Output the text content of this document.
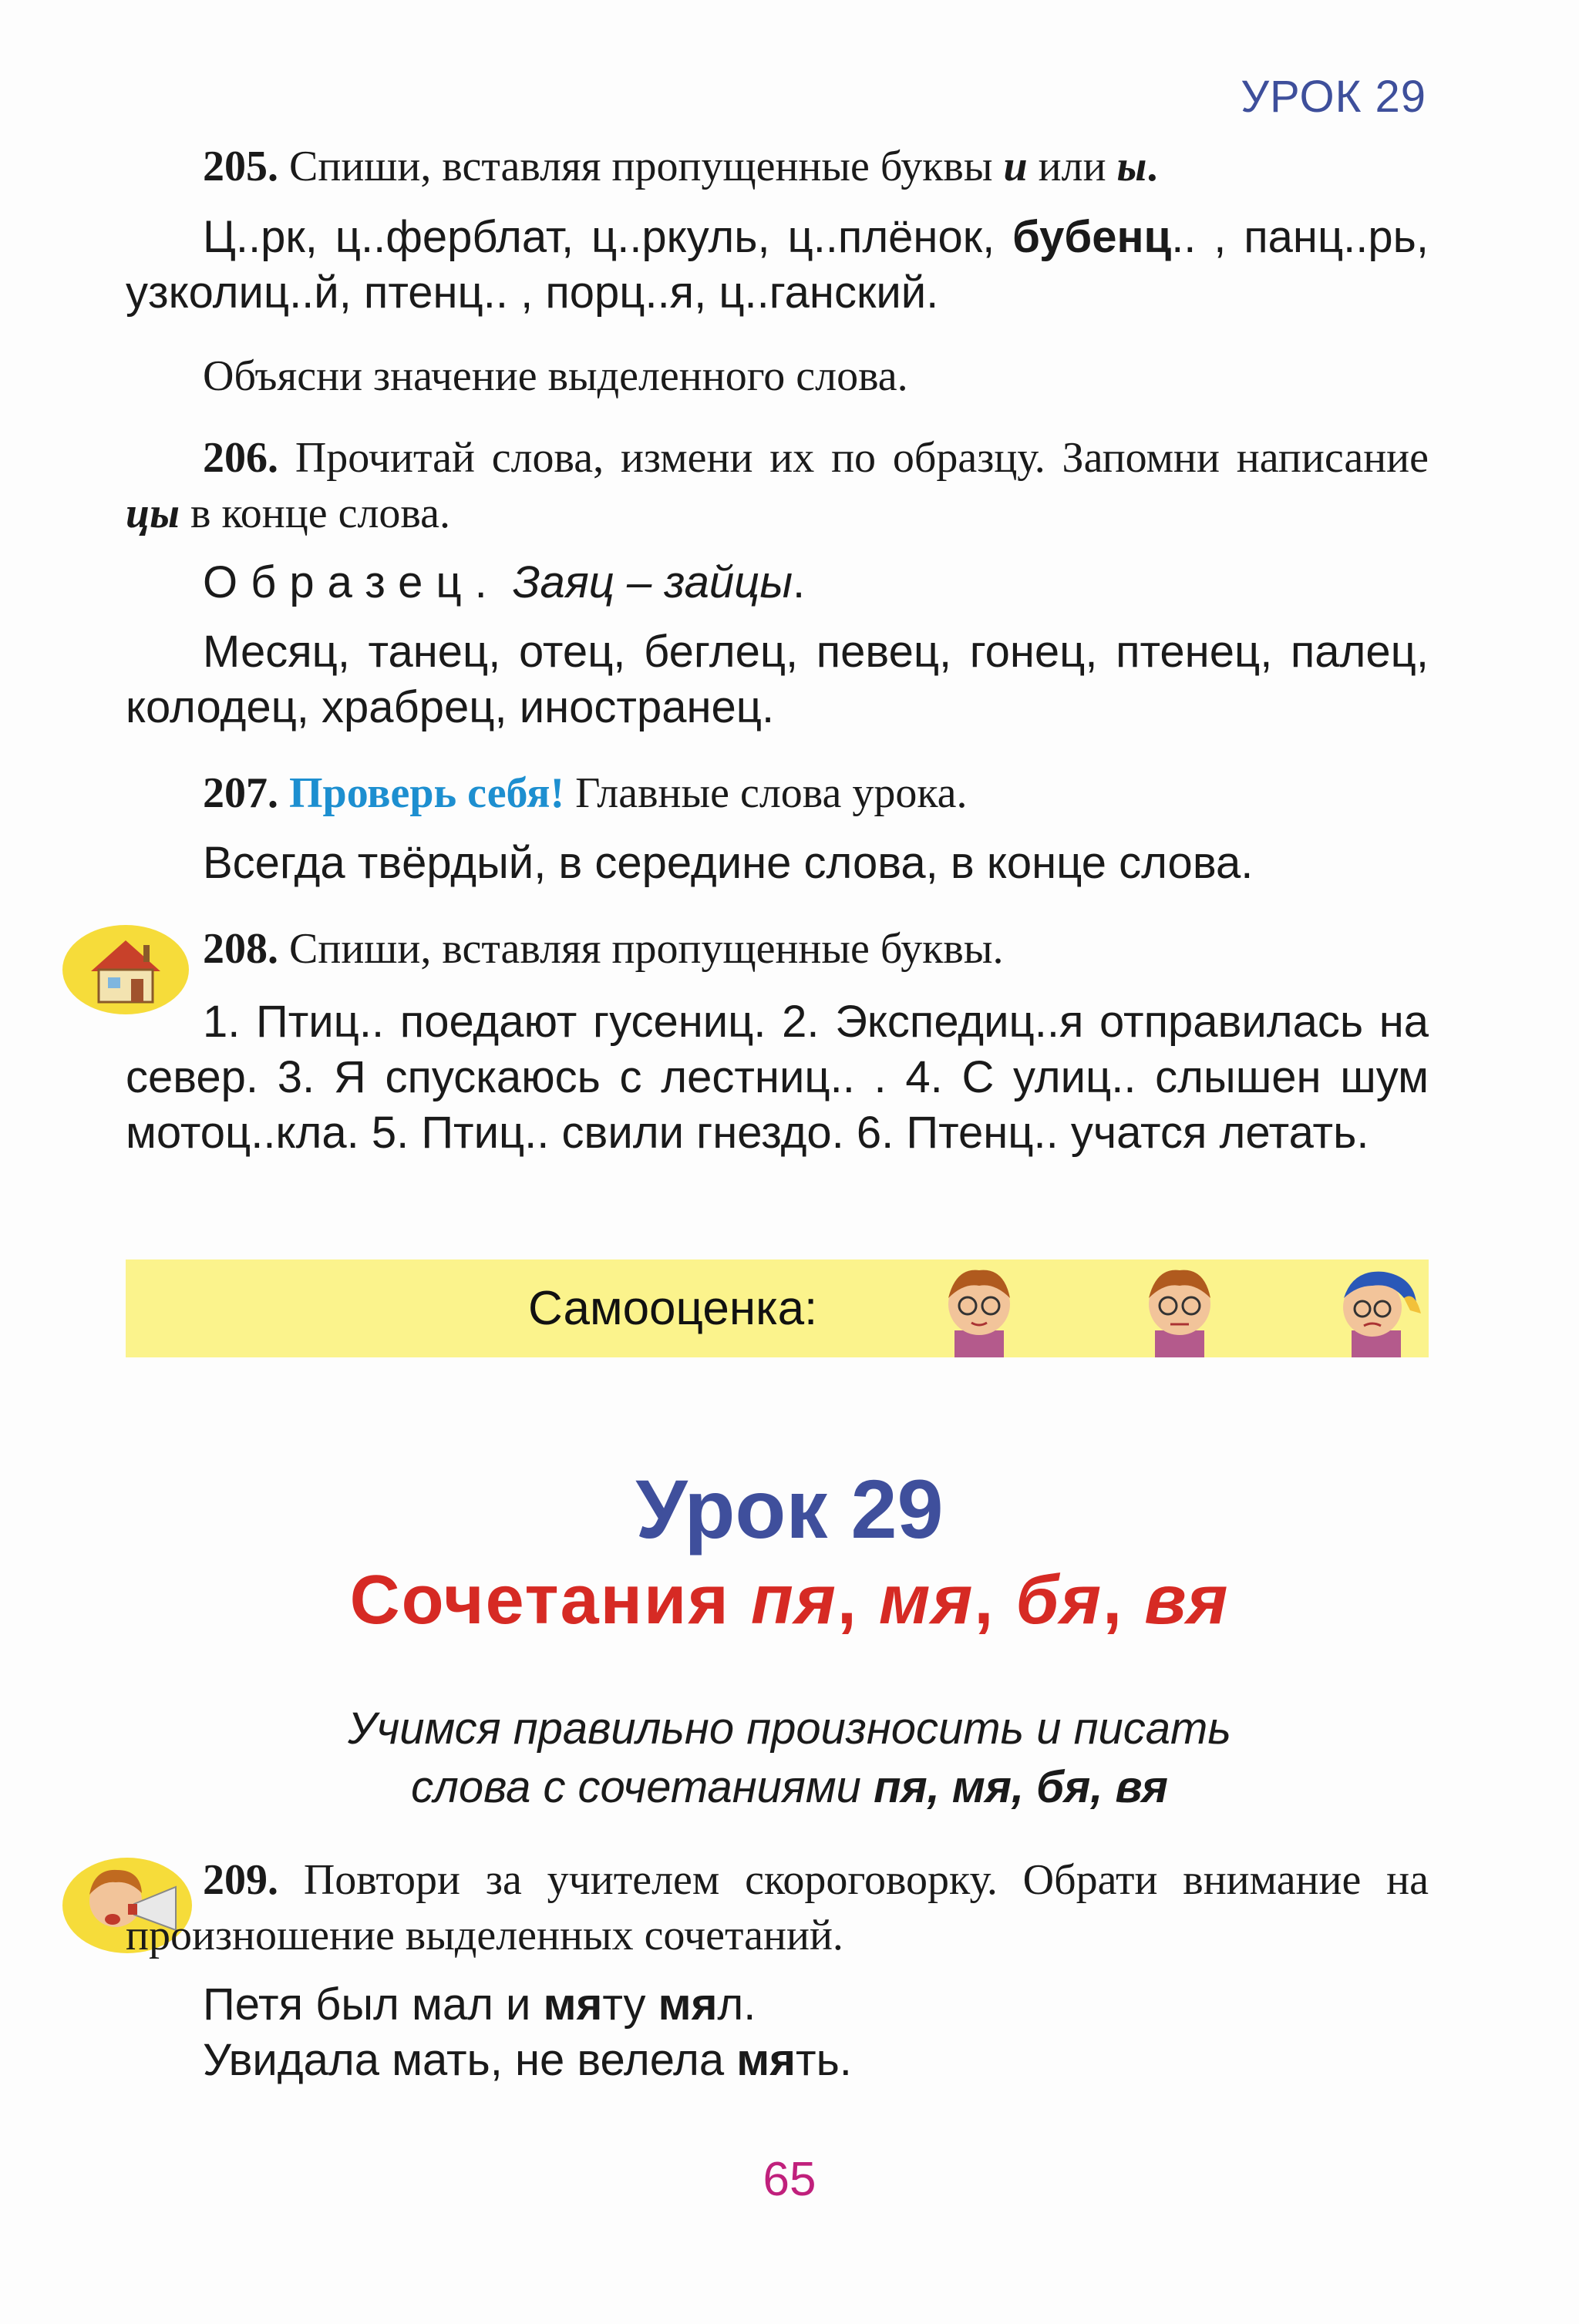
УРОК 29
205. Спиши, вставляя пропущенные буквы и или ы.
Ц..рк, ц..ферблат, ц..ркуль, ц..плёнок, бубенц.. , панц..рь, узколиц..й, птенц.. , порц..я, ц..ганский.
Объясни значение выделенного слова.
206. Прочитай слова, измени их по образцу. Запомни написание цы в конце слова.
Образец. Заяц – зайцы.
Месяц, танец, отец, беглец, певец, гонец, птенец, палец, колодец, храбрец, иностранец.
207. Проверь себя! Главные слова урока.
Всегда твёрдый, в середине слова, в конце слова.
208. Спиши, вставляя пропущенные буквы.
1. Птиц.. поедают гусениц. 2. Экспедиц..я отправилась на север. 3. Я спускаюсь с лестниц.. . 4. С улиц.. слышен шум мотоц..кла. 5. Птиц.. свили гнездо. 6. Птенц.. учатся летать.
Самооценка:
Урок 29
Сочетания пя, мя, бя, вя
Учимся правильно произносить и писать
слова с сочетаниями пя, мя, бя, вя
209. Повтори за учителем скороговорку. Обрати внимание на произношение выделенных сочетаний.
Петя был мал и мяту мял.
Увидала мать, не велела мять.
65
